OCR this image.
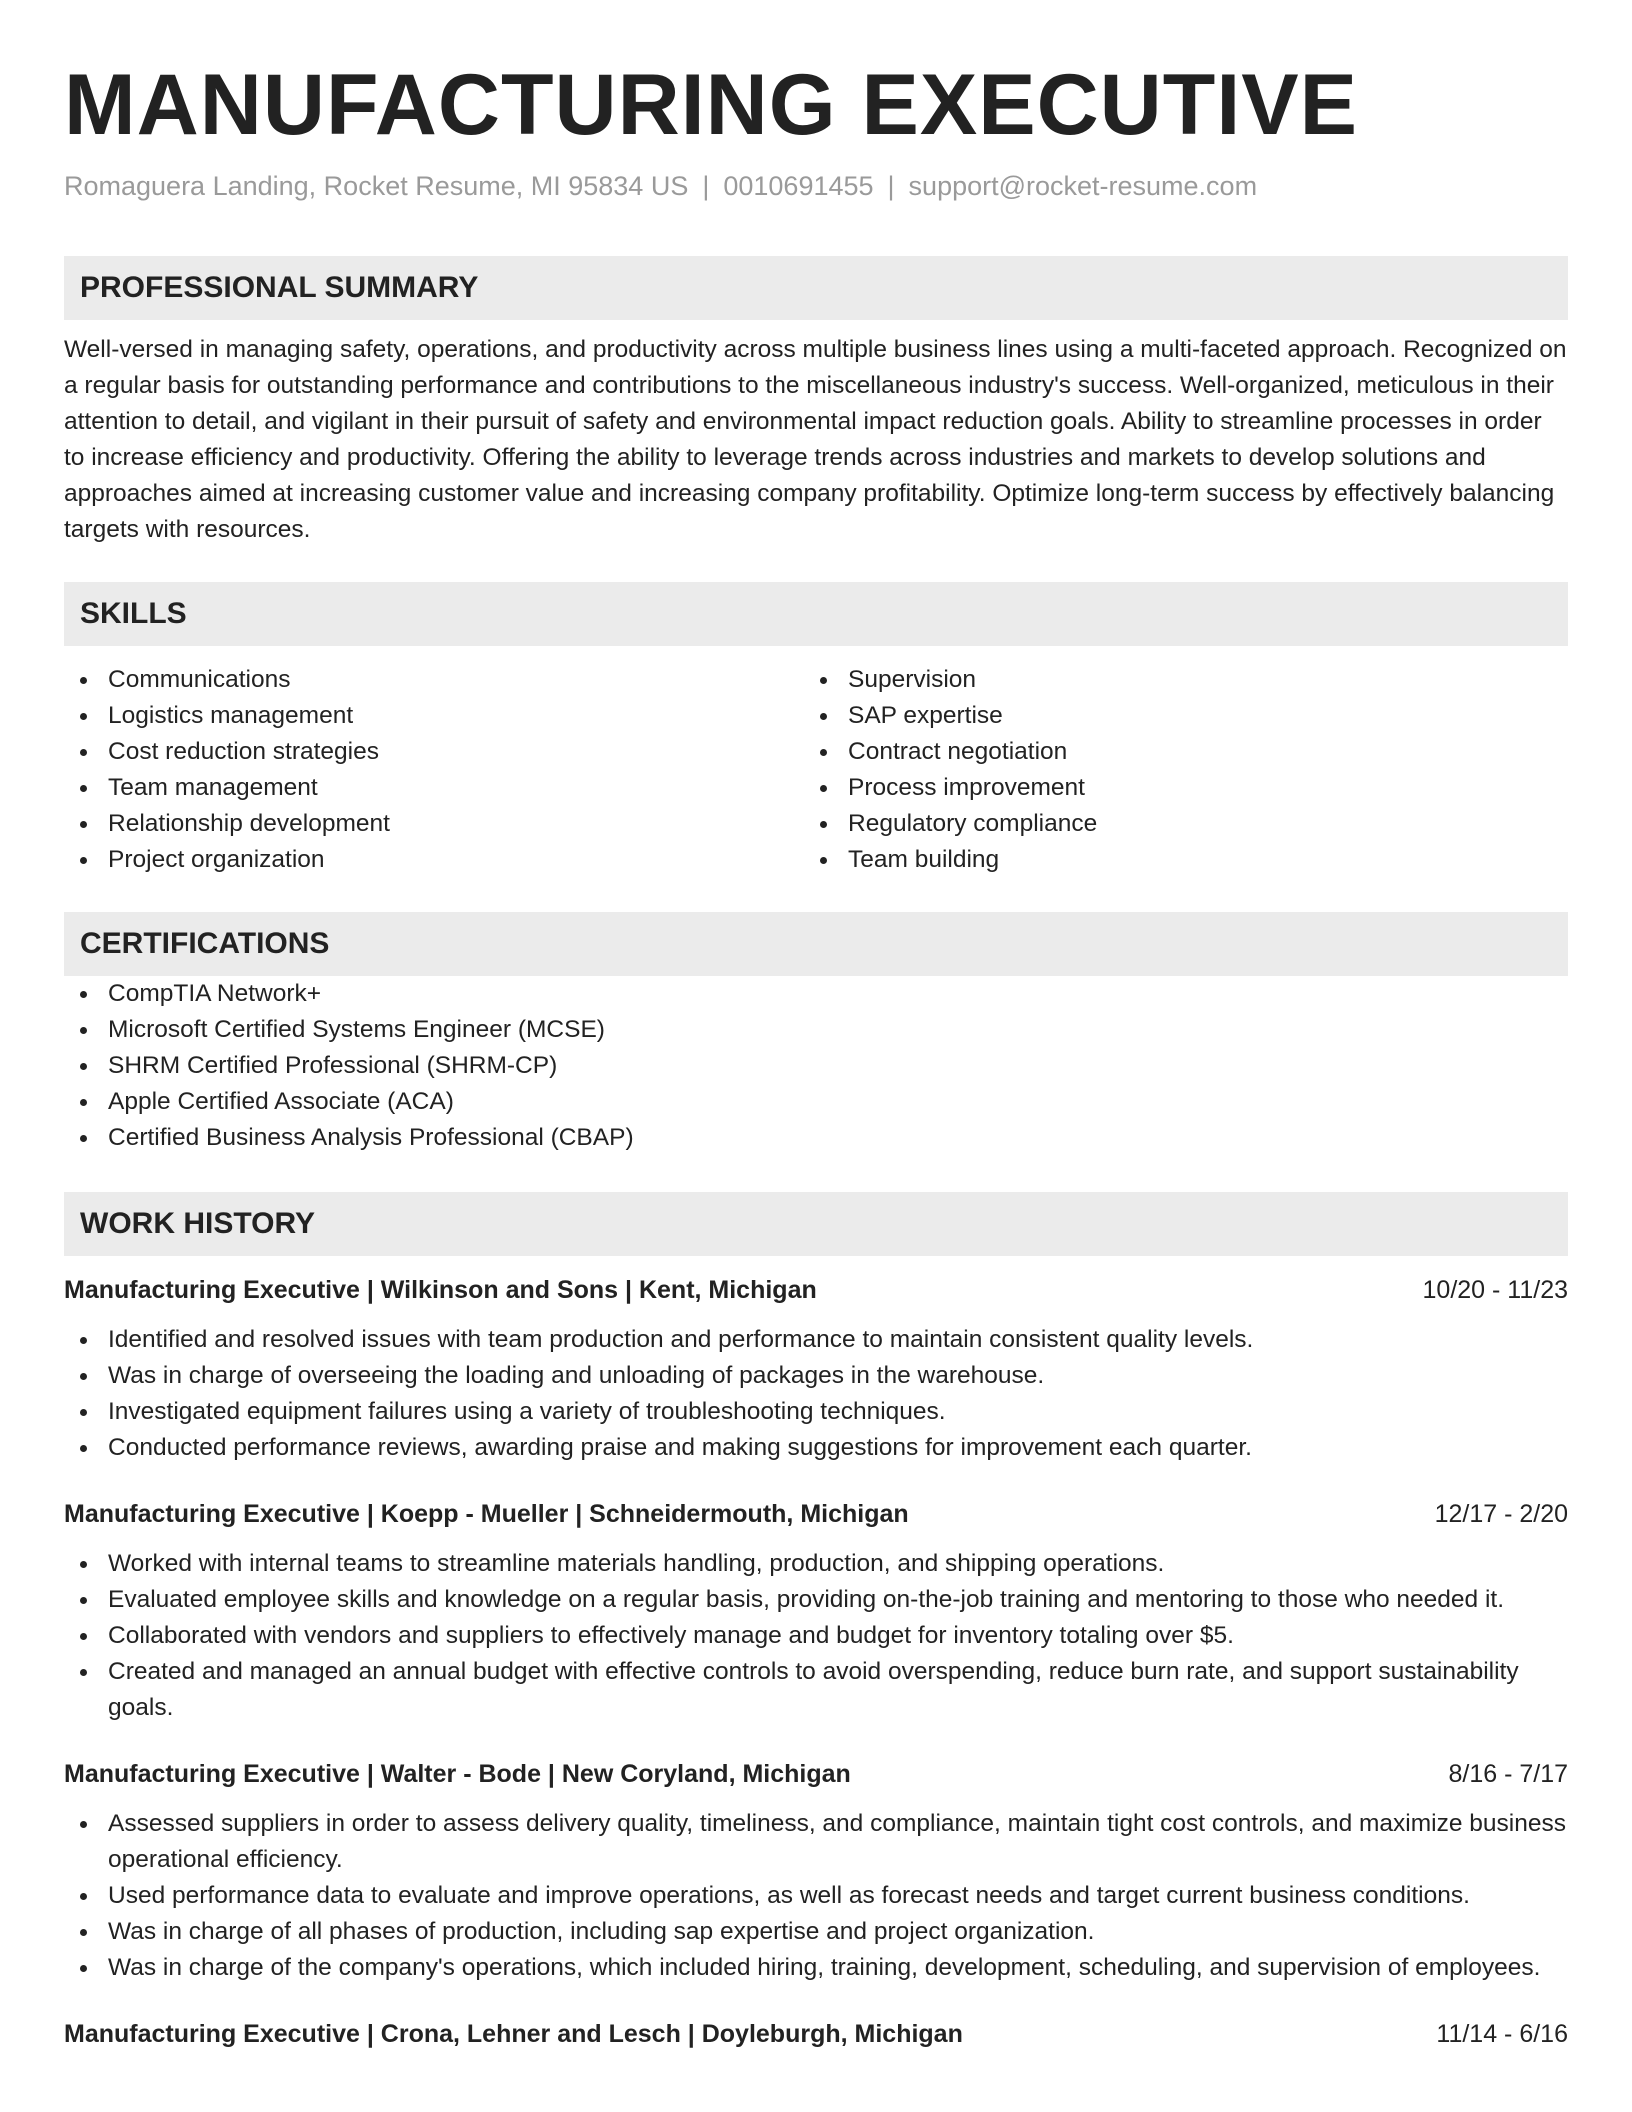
MANUFACTURING EXECUTIVE
Romaguera Landing, Rocket Resume, MI 95834 US | 0010691455 | support@rocket-resume.com
PROFESSIONAL SUMMARY
Well-versed in managing safety, operations, and productivity across multiple business lines using a multi-faceted approach. Recognized on a regular basis for outstanding performance and contributions to the miscellaneous industry's success. Well-organized, meticulous in their attention to detail, and vigilant in their pursuit of safety and environmental impact reduction goals. Ability to streamline processes in order to increase efficiency and productivity. Offering the ability to leverage trends across industries and markets to develop solutions and approaches aimed at increasing customer value and increasing company profitability. Optimize long-term success by effectively balancing targets with resources.
SKILLS
Communications
Logistics management
Cost reduction strategies
Team management
Relationship development
Project organization
Supervision
SAP expertise
Contract negotiation
Process improvement
Regulatory compliance
Team building
CERTIFICATIONS
CompTIA Network+
Microsoft Certified Systems Engineer (MCSE)
SHRM Certified Professional (SHRM-CP)
Apple Certified Associate (ACA)
Certified Business Analysis Professional (CBAP)
WORK HISTORY
Manufacturing Executive | Wilkinson and Sons | Kent, Michigan	10/20 - 11/23
Identified and resolved issues with team production and performance to maintain consistent quality levels.
Was in charge of overseeing the loading and unloading of packages in the warehouse.
Investigated equipment failures using a variety of troubleshooting techniques.
Conducted performance reviews, awarding praise and making suggestions for improvement each quarter.
Manufacturing Executive | Koepp - Mueller | Schneidermouth, Michigan	12/17 - 2/20
Worked with internal teams to streamline materials handling, production, and shipping operations.
Evaluated employee skills and knowledge on a regular basis, providing on-the-job training and mentoring to those who needed it.
Collaborated with vendors and suppliers to effectively manage and budget for inventory totaling over $5.
Created and managed an annual budget with effective controls to avoid overspending, reduce burn rate, and support sustainability goals.
Manufacturing Executive | Walter - Bode | New Coryland, Michigan	8/16 - 7/17
Assessed suppliers in order to assess delivery quality, timeliness, and compliance, maintain tight cost controls, and maximize business operational efficiency.
Used performance data to evaluate and improve operations, as well as forecast needs and target current business conditions.
Was in charge of all phases of production, including sap expertise and project organization.
Was in charge of the company's operations, which included hiring, training, development, scheduling, and supervision of employees.
Manufacturing Executive | Crona, Lehner and Lesch | Doyleburgh, Michigan	11/14 - 6/16
